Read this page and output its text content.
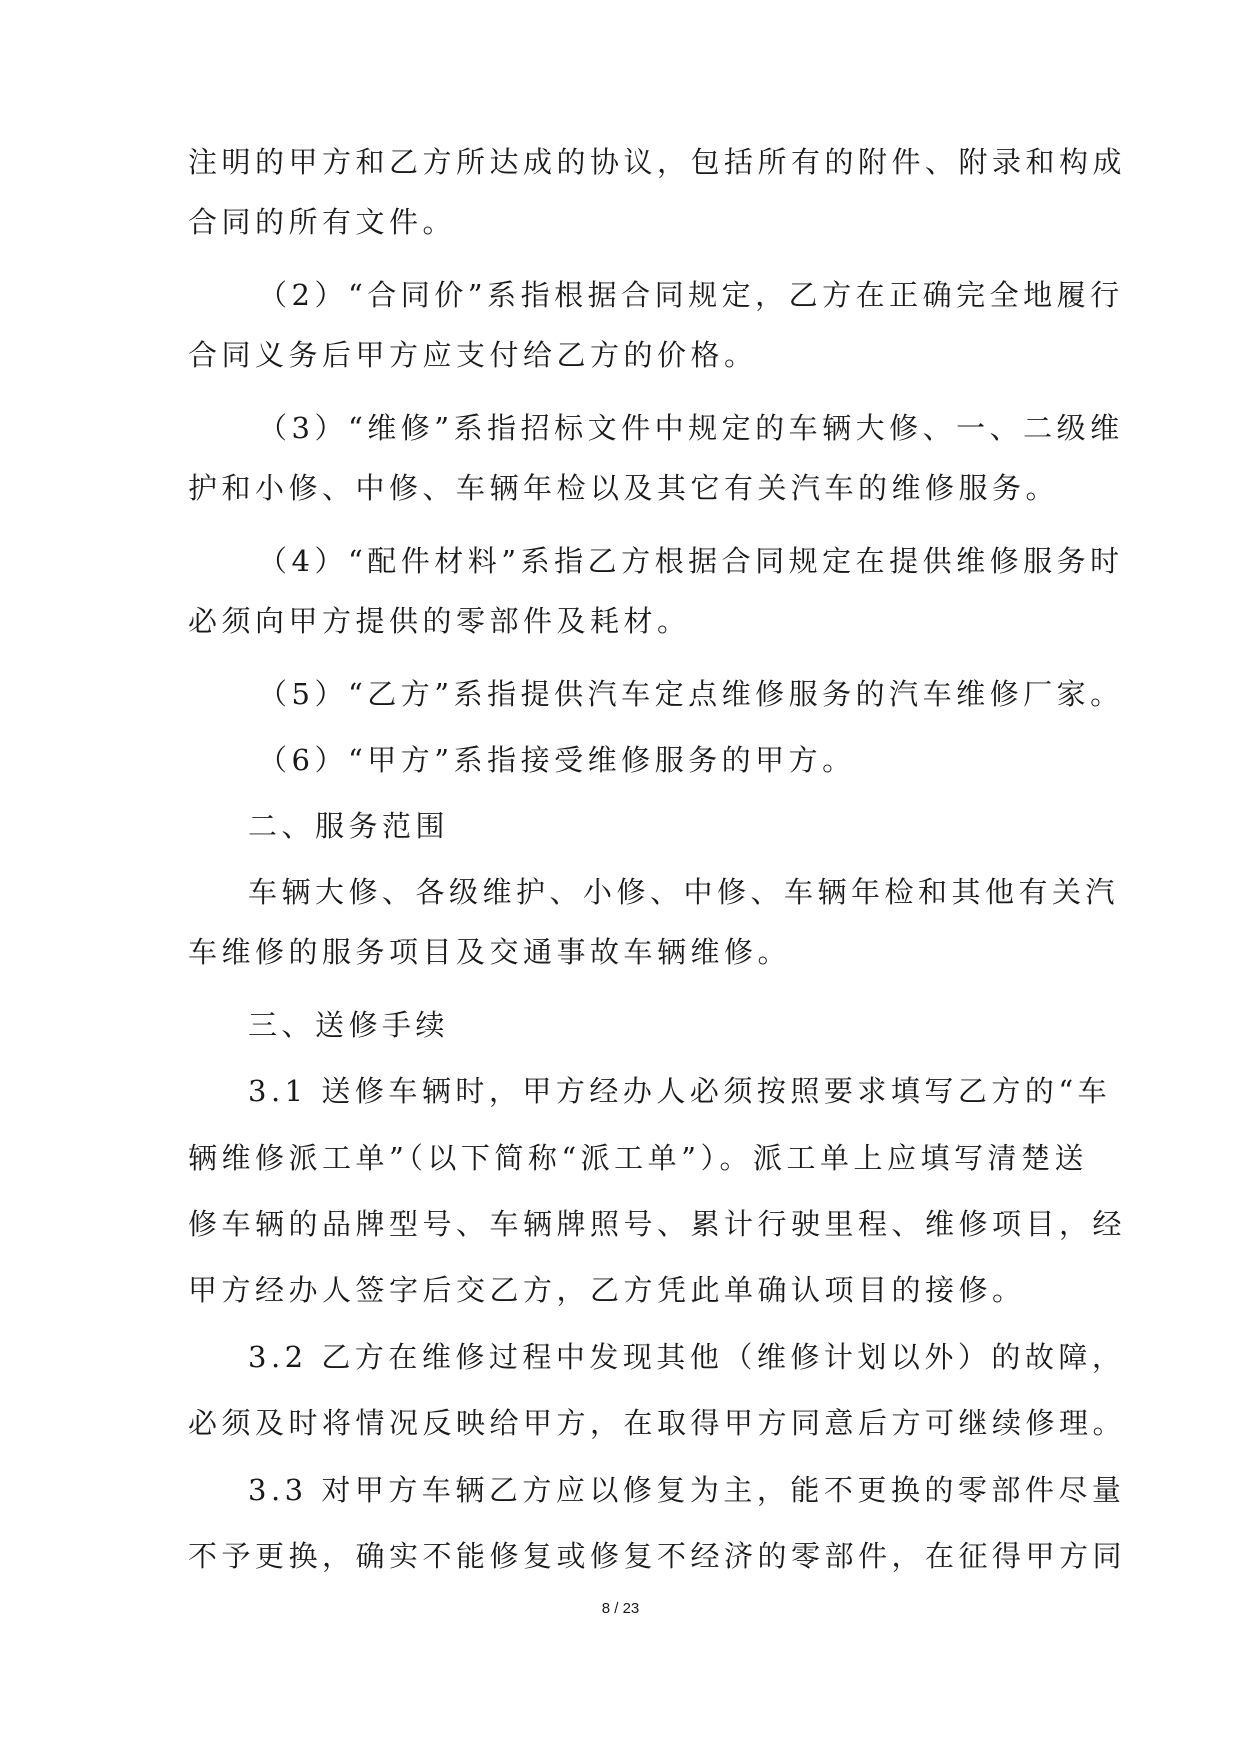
注明的甲方和乙方所达成的协议，包括所有的附件、附录和构成
合同的所有文件。
（2）“合同价”系指根据合同规定，乙方在正确完全地履行
合同义务后甲方应支付给乙方的价格。
（3）“维修”系指招标文件中规定的车辆大修、一、二级维
护和小修、中修、车辆年检以及其它有关汽车的维修服务。
（4）“配件材料”系指乙方根据合同规定在提供维修服务时
必须向甲方提供的零部件及耗材。
（5）“乙方”系指提供汽车定点维修服务的汽车维修厂家。
（6）“甲方”系指接受维修服务的甲方。
二、服务范围
车辆大修、各级维护、小修、中修、车辆年检和其他有关汽
车维修的服务项目及交通事故车辆维修。
三、送修手续
3.1 送修车辆时，甲方经办人必须按照要求填写乙方的“车
辆维修派工单”（以下简称“派工单”）。派工单上应填写清楚送
修车辆的品牌型号、车辆牌照号、累计行驶里程、维修项目，经
甲方经办人签字后交乙方，乙方凭此单确认项目的接修。
3.2 乙方在维修过程中发现其他（维修计划以外）的故障，
必须及时将情况反映给甲方，在取得甲方同意后方可继续修理。
3.3 对甲方车辆乙方应以修复为主，能不更换的零部件尽量
不予更换，确实不能修复或修复不经济的零部件，在征得甲方同
8 / 23
